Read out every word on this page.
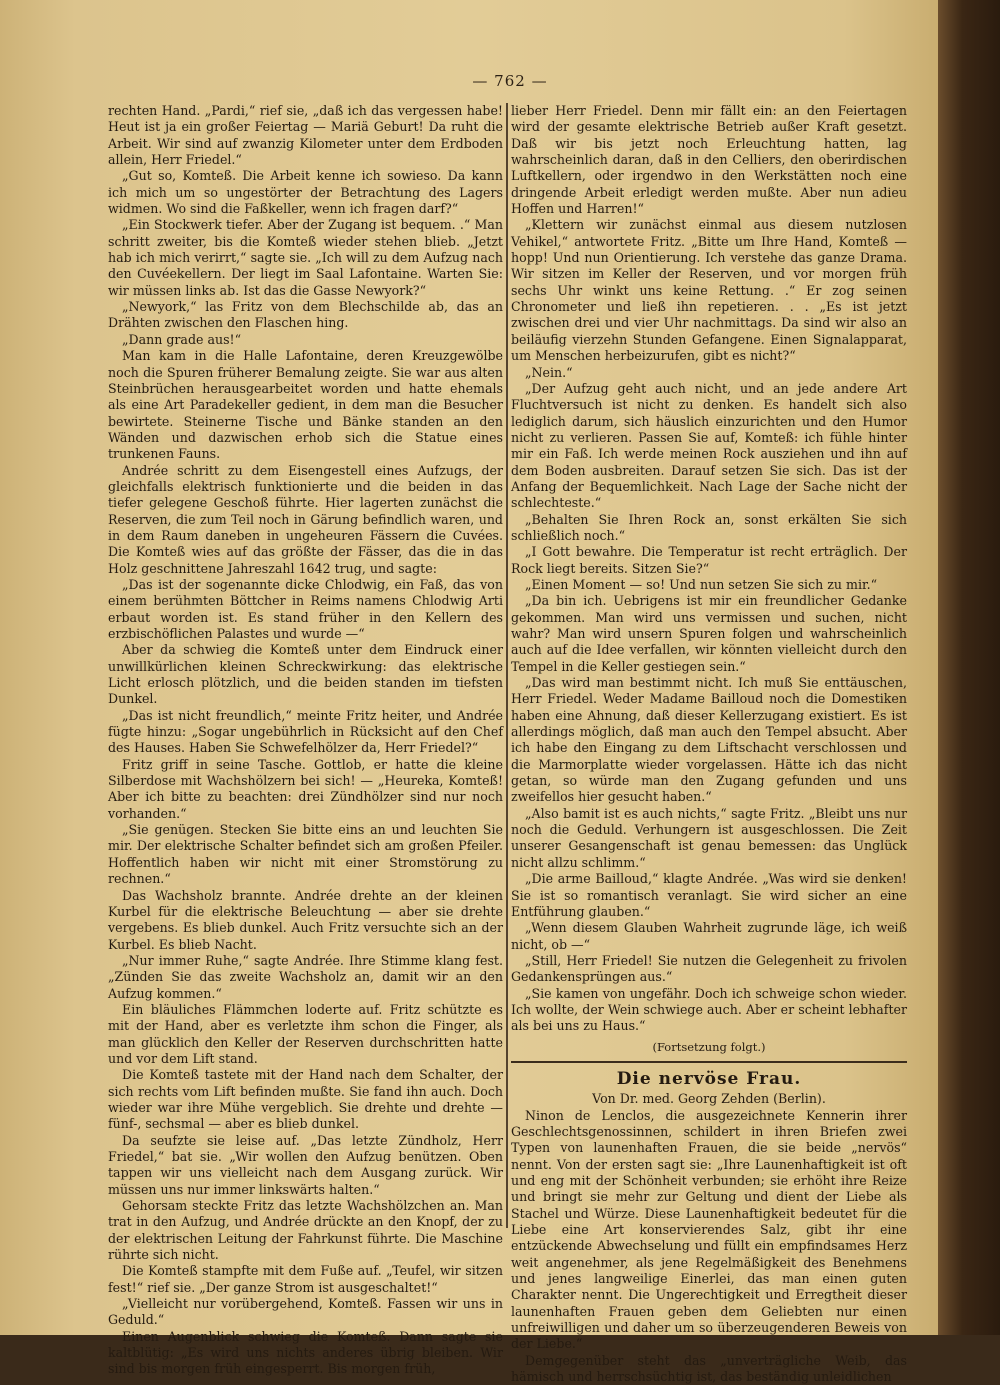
— 762 —

rechten Hand. „Pardi,“ rief sie, „daß ich das vergessen habe! Heut ist ja ein großer Feiertag — Mariä Geburt! Da ruht die Arbeit. Wir sind auf zwanzig Kilometer unter dem Erdboden allein, Herr Friedel.“

„Gut so, Komteß. Die Arbeit kenne ich sowieso. Da kann ich mich um so ungestörter der Betrachtung des Lagers widmen. Wo sind die Faßkeller, wenn ich fragen darf?“

„Ein Stockwerk tiefer. Aber der Zugang ist bequem. .“ Man schritt zweiter, bis die Komteß wieder stehen blieb. „Jetzt hab ich mich verirrt,“ sagte sie. „Ich will zu dem Aufzug nach den Cuvéekellern. Der liegt im Saal Lafontaine. Warten Sie: wir müssen links ab. Ist das die Gasse Newyork?“

„Newyork,“ las Fritz von dem Blechschilde ab, das an Drähten zwischen den Flaschen hing.

„Dann grade aus!“

Man kam in die Halle Lafontaine, deren Kreuzgewölbe noch die Spuren früherer Bemalung zeigte. Sie war aus alten Steinbrüchen herausgearbeitet worden und hatte ehemals als eine Art Paradekeller gedient, in dem man die Besucher bewirtete. Steinerne Tische und Bänke standen an den Wänden und dazwischen erhob sich die Statue eines trunkenen Fauns.

Andrée schritt zu dem Eisengestell eines Aufzugs, der gleichfalls elektrisch funktionierte und die beiden in das tiefer gelegene Geschoß führte. Hier lagerten zunächst die Reserven, die zum Teil noch in Gärung befindlich waren, und in dem Raum daneben in ungeheuren Fässern die Cuvées. Die Komteß wies auf das größte der Fässer, das die in das Holz geschnittene Jahreszahl 1642 trug, und sagte:

„Das ist der sogenannte dicke Chlodwig, ein Faß, das von einem berühmten Böttcher in Reims namens Chlodwig Arti erbaut worden ist. Es stand früher in den Kellern des erzbischöflichen Palastes und wurde —“

Aber da schwieg die Komteß unter dem Eindruck einer unwillkürlichen kleinen Schreckwirkung: das elektrische Licht erlosch plötzlich, und die beiden standen im tiefsten Dunkel.

„Das ist nicht freundlich,“ meinte Fritz heiter, und Andrée fügte hinzu: „Sogar ungebührlich in Rücksicht auf den Chef des Hauses. Haben Sie Schwefelhölzer da, Herr Friedel?“

Fritz griff in seine Tasche. Gottlob, er hatte die kleine Silberdose mit Wachshölzern bei sich! — „Heureka, Komteß! Aber ich bitte zu beachten: drei Zündhölzer sind nur noch vorhanden.“

„Sie genügen. Stecken Sie bitte eins an und leuchten Sie mir. Der elektrische Schalter befindet sich am großen Pfeiler. Hoffentlich haben wir nicht mit einer Stromstörung zu rechnen.“

Das Wachsholz brannte. Andrée drehte an der kleinen Kurbel für die elektrische Beleuchtung — aber sie drehte vergebens. Es blieb dunkel. Auch Fritz versuchte sich an der Kurbel. Es blieb Nacht.

„Nur immer Ruhe,“ sagte Andrée. Ihre Stimme klang fest. „Zünden Sie das zweite Wachsholz an, damit wir an den Aufzug kommen.“

Ein bläuliches Flämmchen loderte auf. Fritz schützte es mit der Hand, aber es verletzte ihm schon die Finger, als man glücklich den Keller der Reserven durchschritten hatte und vor dem Lift stand.

Die Komteß tastete mit der Hand nach dem Schalter, der sich rechts vom Lift befinden mußte. Sie fand ihn auch. Doch wieder war ihre Mühe vergeblich. Sie drehte und drehte — fünf-, sechsmal — aber es blieb dunkel.

Da seufzte sie leise auf. „Das letzte Zündholz, Herr Friedel,“ bat sie. „Wir wollen den Aufzug benützen. Oben tappen wir uns vielleicht nach dem Ausgang zurück. Wir müssen uns nur immer linkswärts halten.“

Gehorsam steckte Fritz das letzte Wachshölzchen an. Man trat in den Aufzug, und Andrée drückte an den Knopf, der zu der elektrischen Leitung der Fahrkunst führte. Die Maschine rührte sich nicht.

Die Komteß stampfte mit dem Fuße auf. „Teufel, wir sitzen fest!“ rief sie. „Der ganze Strom ist ausgeschaltet!“

„Vielleicht nur vorübergehend, Komteß. Fassen wir uns in Geduld.“

Einen Augenblick schwieg die Komteß. Dann sagte sie kaltblütig: „Es wird uns nichts anderes übrig bleiben. Wir sind bis morgen früh eingesperrt. Bis morgen früh,

lieber Herr Friedel. Denn mir fällt ein: an den Feiertagen wird der gesamte elektrische Betrieb außer Kraft gesetzt. Daß wir bis jetzt noch Erleuchtung hatten, lag wahrscheinlich daran, daß in den Celliers, den oberirdischen Luftkellern, oder irgendwo in den Werkstätten noch eine dringende Arbeit erledigt werden mußte. Aber nun adieu Hoffen und Harren!“

„Klettern wir zunächst einmal aus diesem nutzlosen Vehikel,“ antwortete Fritz. „Bitte um Ihre Hand, Komteß — hopp! Und nun Orientierung. Ich verstehe das ganze Drama. Wir sitzen im Keller der Reserven, und vor morgen früh sechs Uhr winkt uns keine Rettung. .“ Er zog seinen Chronometer und ließ ihn repetieren. . . „Es ist jetzt zwischen drei und vier Uhr nachmittags. Da sind wir also an beiläufig vierzehn Stunden Gefangene. Einen Signalapparat, um Menschen herbeizurufen, gibt es nicht?“

„Nein.“

„Der Aufzug geht auch nicht, und an jede andere Art Fluchtversuch ist nicht zu denken. Es handelt sich also lediglich darum, sich häuslich einzurichten und den Humor nicht zu verlieren. Passen Sie auf, Komteß: ich fühle hinter mir ein Faß. Ich werde meinen Rock ausziehen und ihn auf dem Boden ausbreiten. Darauf setzen Sie sich. Das ist der Anfang der Bequemlichkeit. Nach Lage der Sache nicht der schlechteste.“

„Behalten Sie Ihren Rock an, sonst erkälten Sie sich schließlich noch.“

„I Gott bewahre. Die Temperatur ist recht erträglich. Der Rock liegt bereits. Sitzen Sie?“

„Einen Moment — so! Und nun setzen Sie sich zu mir.“

„Da bin ich. Uebrigens ist mir ein freundlicher Gedanke gekommen. Man wird uns vermissen und suchen, nicht wahr? Man wird unsern Spuren folgen und wahrscheinlich auch auf die Idee verfallen, wir könnten vielleicht durch den Tempel in die Keller gestiegen sein.“

„Das wird man bestimmt nicht. Ich muß Sie enttäuschen, Herr Friedel. Weder Madame Bailloud noch die Domestiken haben eine Ahnung, daß dieser Kellerzugang existiert. Es ist allerdings möglich, daß man auch den Tempel absucht. Aber ich habe den Eingang zu dem Liftschacht verschlossen und die Marmorplatte wieder vorgelassen. Hätte ich das nicht getan, so würde man den Zugang gefunden und uns zweifellos hier gesucht haben.“

„Also bamit ist es auch nichts,“ sagte Fritz. „Bleibt uns nur noch die Geduld. Verhungern ist ausgeschlossen. Die Zeit unserer Gesangenschaft ist genau bemessen: das Unglück nicht allzu schlimm.“

„Die arme Bailloud,“ klagte Andrée. „Was wird sie denken! Sie ist so romantisch veranlagt. Sie wird sicher an eine Entführung glauben.“

„Wenn diesem Glauben Wahrheit zugrunde läge, ich weiß nicht, ob —“

„Still, Herr Friedel! Sie nutzen die Gelegenheit zu frivolen Gedankensprüngen aus.“

„Sie kamen von ungefähr. Doch ich schweige schon wieder. Ich wollte, der Wein schwiege auch. Aber er scheint lebhafter als bei uns zu Haus.“

(Fortsetzung folgt.)

Die nervöse Frau.

Von Dr. med. Georg Zehden (Berlin).

Ninon de Lenclos, die ausgezeichnete Kennerin ihrer Geschlechtsgenossinnen, schildert in ihren Briefen zwei Typen von launenhaften Frauen, die sie beide „nervös“ nennt. Von der ersten sagt sie: „Ihre Launenhaftigkeit ist oft und eng mit der Schönheit verbunden; sie erhöht ihre Reize und bringt sie mehr zur Geltung und dient der Liebe als Stachel und Würze. Diese Launenhaftigkeit bedeutet für die Liebe eine Art konservierendes Salz, gibt ihr eine entzückende Abwechselung und füllt ein empfindsames Herz weit angenehmer, als jene Regelmäßigkeit des Benehmens und jenes langweilige Einerlei, das man einen guten Charakter nennt. Die Ungerechtigkeit und Erregtheit dieser launenhaften Frauen geben dem Geliebten nur einen unfreiwilligen und daher um so überzeugenderen Beweis von der Liebe.“

Demgegenüber steht das „unverträgliche Weib, das hämisch und herrschsüchtig ist, das beständig unleidlichen
